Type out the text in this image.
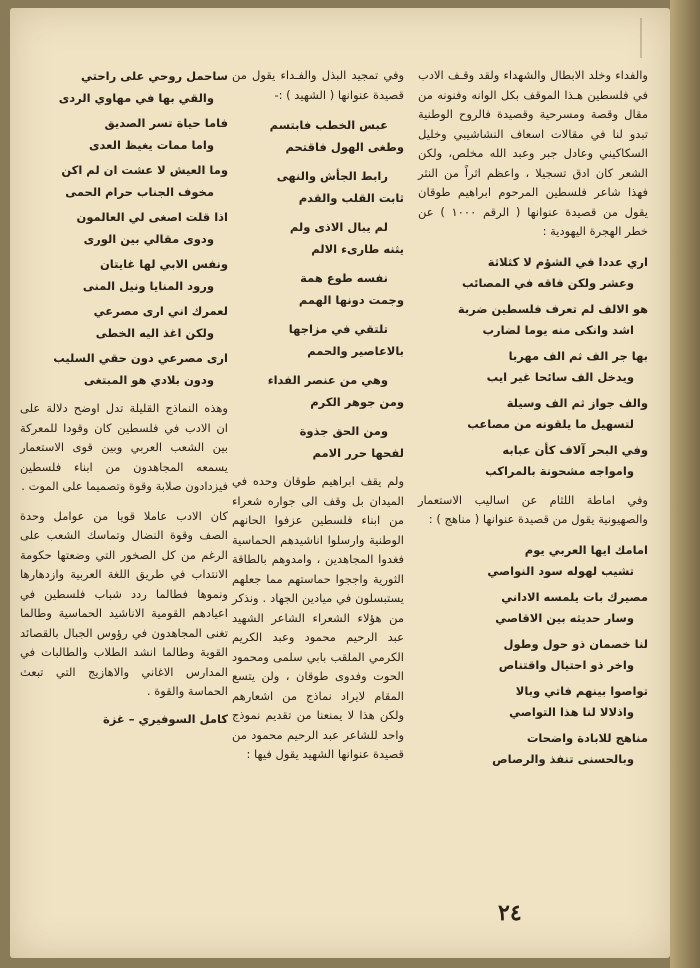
والفداء وخلد الابطال والشهداء ولقد وقـف الادب في فلسطين هـذا الموقف بكل الوانه وفنونه من مقال وقصة ومسرحية وقصيدة فالروح الوطنية تبدو لنا في مقالات اسعاف النشاشيبي وخليل السكاكيني وعادل جبر وعبد الله مخلص، ولكن الشعر كان ادق تسجيلا ، واعظم اثراً من النثر فهذا شاعر فلسطين المرحوم ابراهيم طوقان يقول من قصيدة عنوانها ( الرقم ١٠٠٠ ) عن خطر الهجرة اليهودية :

اري عددا في الشؤم لا كثلاثة
وعشر ولكن فاقه في المصائب
هو الالف لم تعرف فلسطين ضربة
اشد وانكى منه يوما لضارب
بها جر الف ثم الف مهربا
ويدخل الف سائحا غير ايب
والف جواز ثم الف وسيلة
لتسهيل ما يلقونه من مصاعب
وفي البحر آلاف كأن عبابه
وامواجه مشحونة بالمراكب

وفي اماطة اللثام عن اساليب الاستعمار والصهيونية يقول من قصيدة عنوانها ( مناهج ) :

امامك ايها العربي يوم
تشيب لهوله سود النواصي
مصيرك بات يلمسه الاداني
وسار حديثه بين الاقاصي
لنا خصمان ذو حول وطول
واخر ذو احتيال واقتناص
تواصوا بينهم فاتي وبالا
واذلالا لنا هذا التواصي
مناهج للابادة واضحات
وبالحسنى تنفذ والرصاص

وفي تمجيد البذل والفـداء يقول من قصيدة عنوانها ( الشهيد ) :-

عبس الخطب فابتسم
وطغى الهول فاقتحم
رابط الجأش والنهى
ثابت القلب والقدم
لم يبال الاذى ولم
يثنه طارىء الالم
نفسه طوع همة
وجمت دونها الهمم
تلتقي في مزاجها
بالاعاصير والحمم
وهي من عنصر الفداء
ومن جوهر الكرم
ومن الحق جذوة
لفحها حرر الامم

ولم يقف ابراهيم طوقان وحده في الميدان بل وقف الى جواره شعراء من ابناء فلسطين عزفوا الحانهم الوطنية وارسلوا اناشيدهم الحماسية فغدوا المجاهدين ، وامدوهم بالطاقة الثورية واججوا حماستهم مما جعلهم يستبسلون في ميادين الجهاد . ونذكر من هؤلاء الشعراء الشاعر الشهيد عبد الرحيم محمود وعبد الكريم الكرمي الملقب بابي سلمى ومحمود الحوت وفدوى طوقان ، ولن يتسع المقام لايراد نماذج من اشعارهم ولكن هذا لا يمنعنا من تقديم نموذج واحد للشاعر عبد الرحيم محمود من قصيدة عنوانها الشهيد يقول فيها :

ساحمل روحي على راحتي
والقي بها في مهاوي الردى
فاما حياة تسر الصديق
واما ممات يغيظ العدى
وما العيش لا عشت ان لم اكن
مخوف الجناب حرام الحمى
اذا قلت اصغى لي العالمون
ودوى مقالي بين الورى
ونفس الابي لها غايتان
ورود المنايا ونيل المنى
لعمرك اني ارى مصرعي
ولكن اغذ اليه الخطى
ارى مصرعي دون حقي السليب
ودون بلادي هو المبتغى

وهذه النماذج القليلة تدل اوضح دلالة على ان الادب في فلسطين كان وقودا للمعركة بين الشعب العربي وبين قوى الاستعمار يسمعه المجاهدون من ابناء فلسطين فيزدادون صلابة وقوة وتصميما على الموت .

كان الادب عاملا قويا من عوامل وحدة الصف وقوة النضال وتماسك الشعب على الرغم من كل الصخور التي وضعتها حكومة الانتداب في طريق اللغة العربية وازدهارها ونموها فطالما ردد شباب فلسطين في اعيادهم القومية الاناشيد الحماسية وطالما تغنى المجاهدون في رؤوس الجبال بالقصائد القوية وطالما انشد الطلاب والطالبات في المدارس الاغاني والاهازيج التي تبعث الحماسة والقوة .

كامل السوفيري – غزة
٢٤
